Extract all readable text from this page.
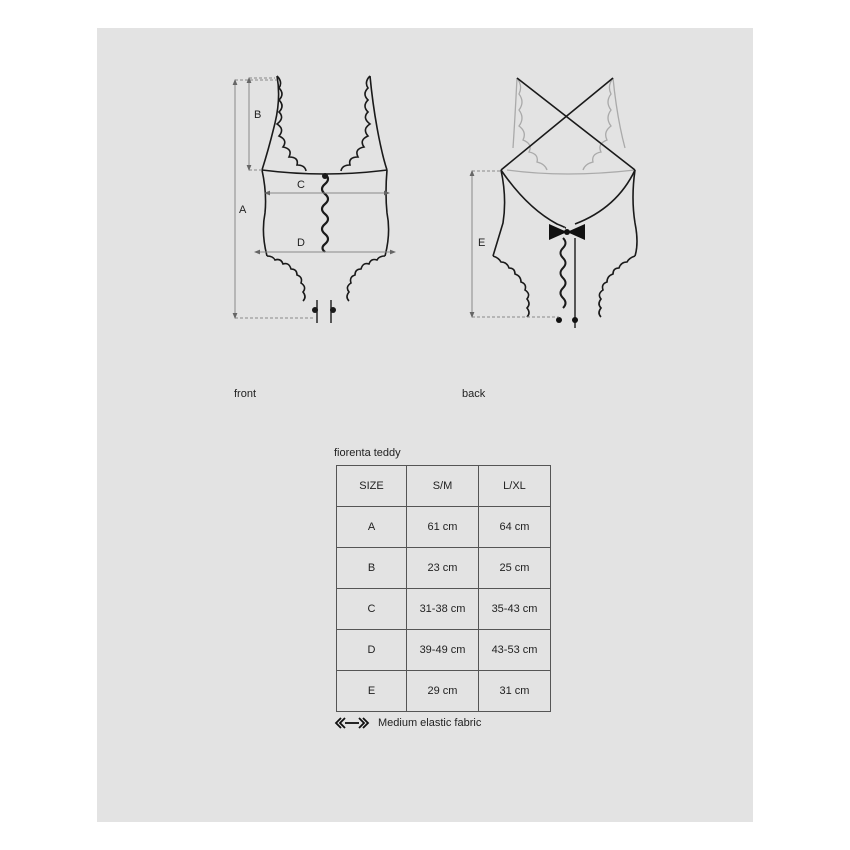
A
B
C
D	E
front	back
fiorenta teddy
SIZE	S/M	L/XL
A	61 cm	64 cm
B	23 cm	25 cm
C	31-38 cm	35-43 cm
D	39-49 cm	43-53 cm
E	29 cm	31 cm
Medium elastic fabric
